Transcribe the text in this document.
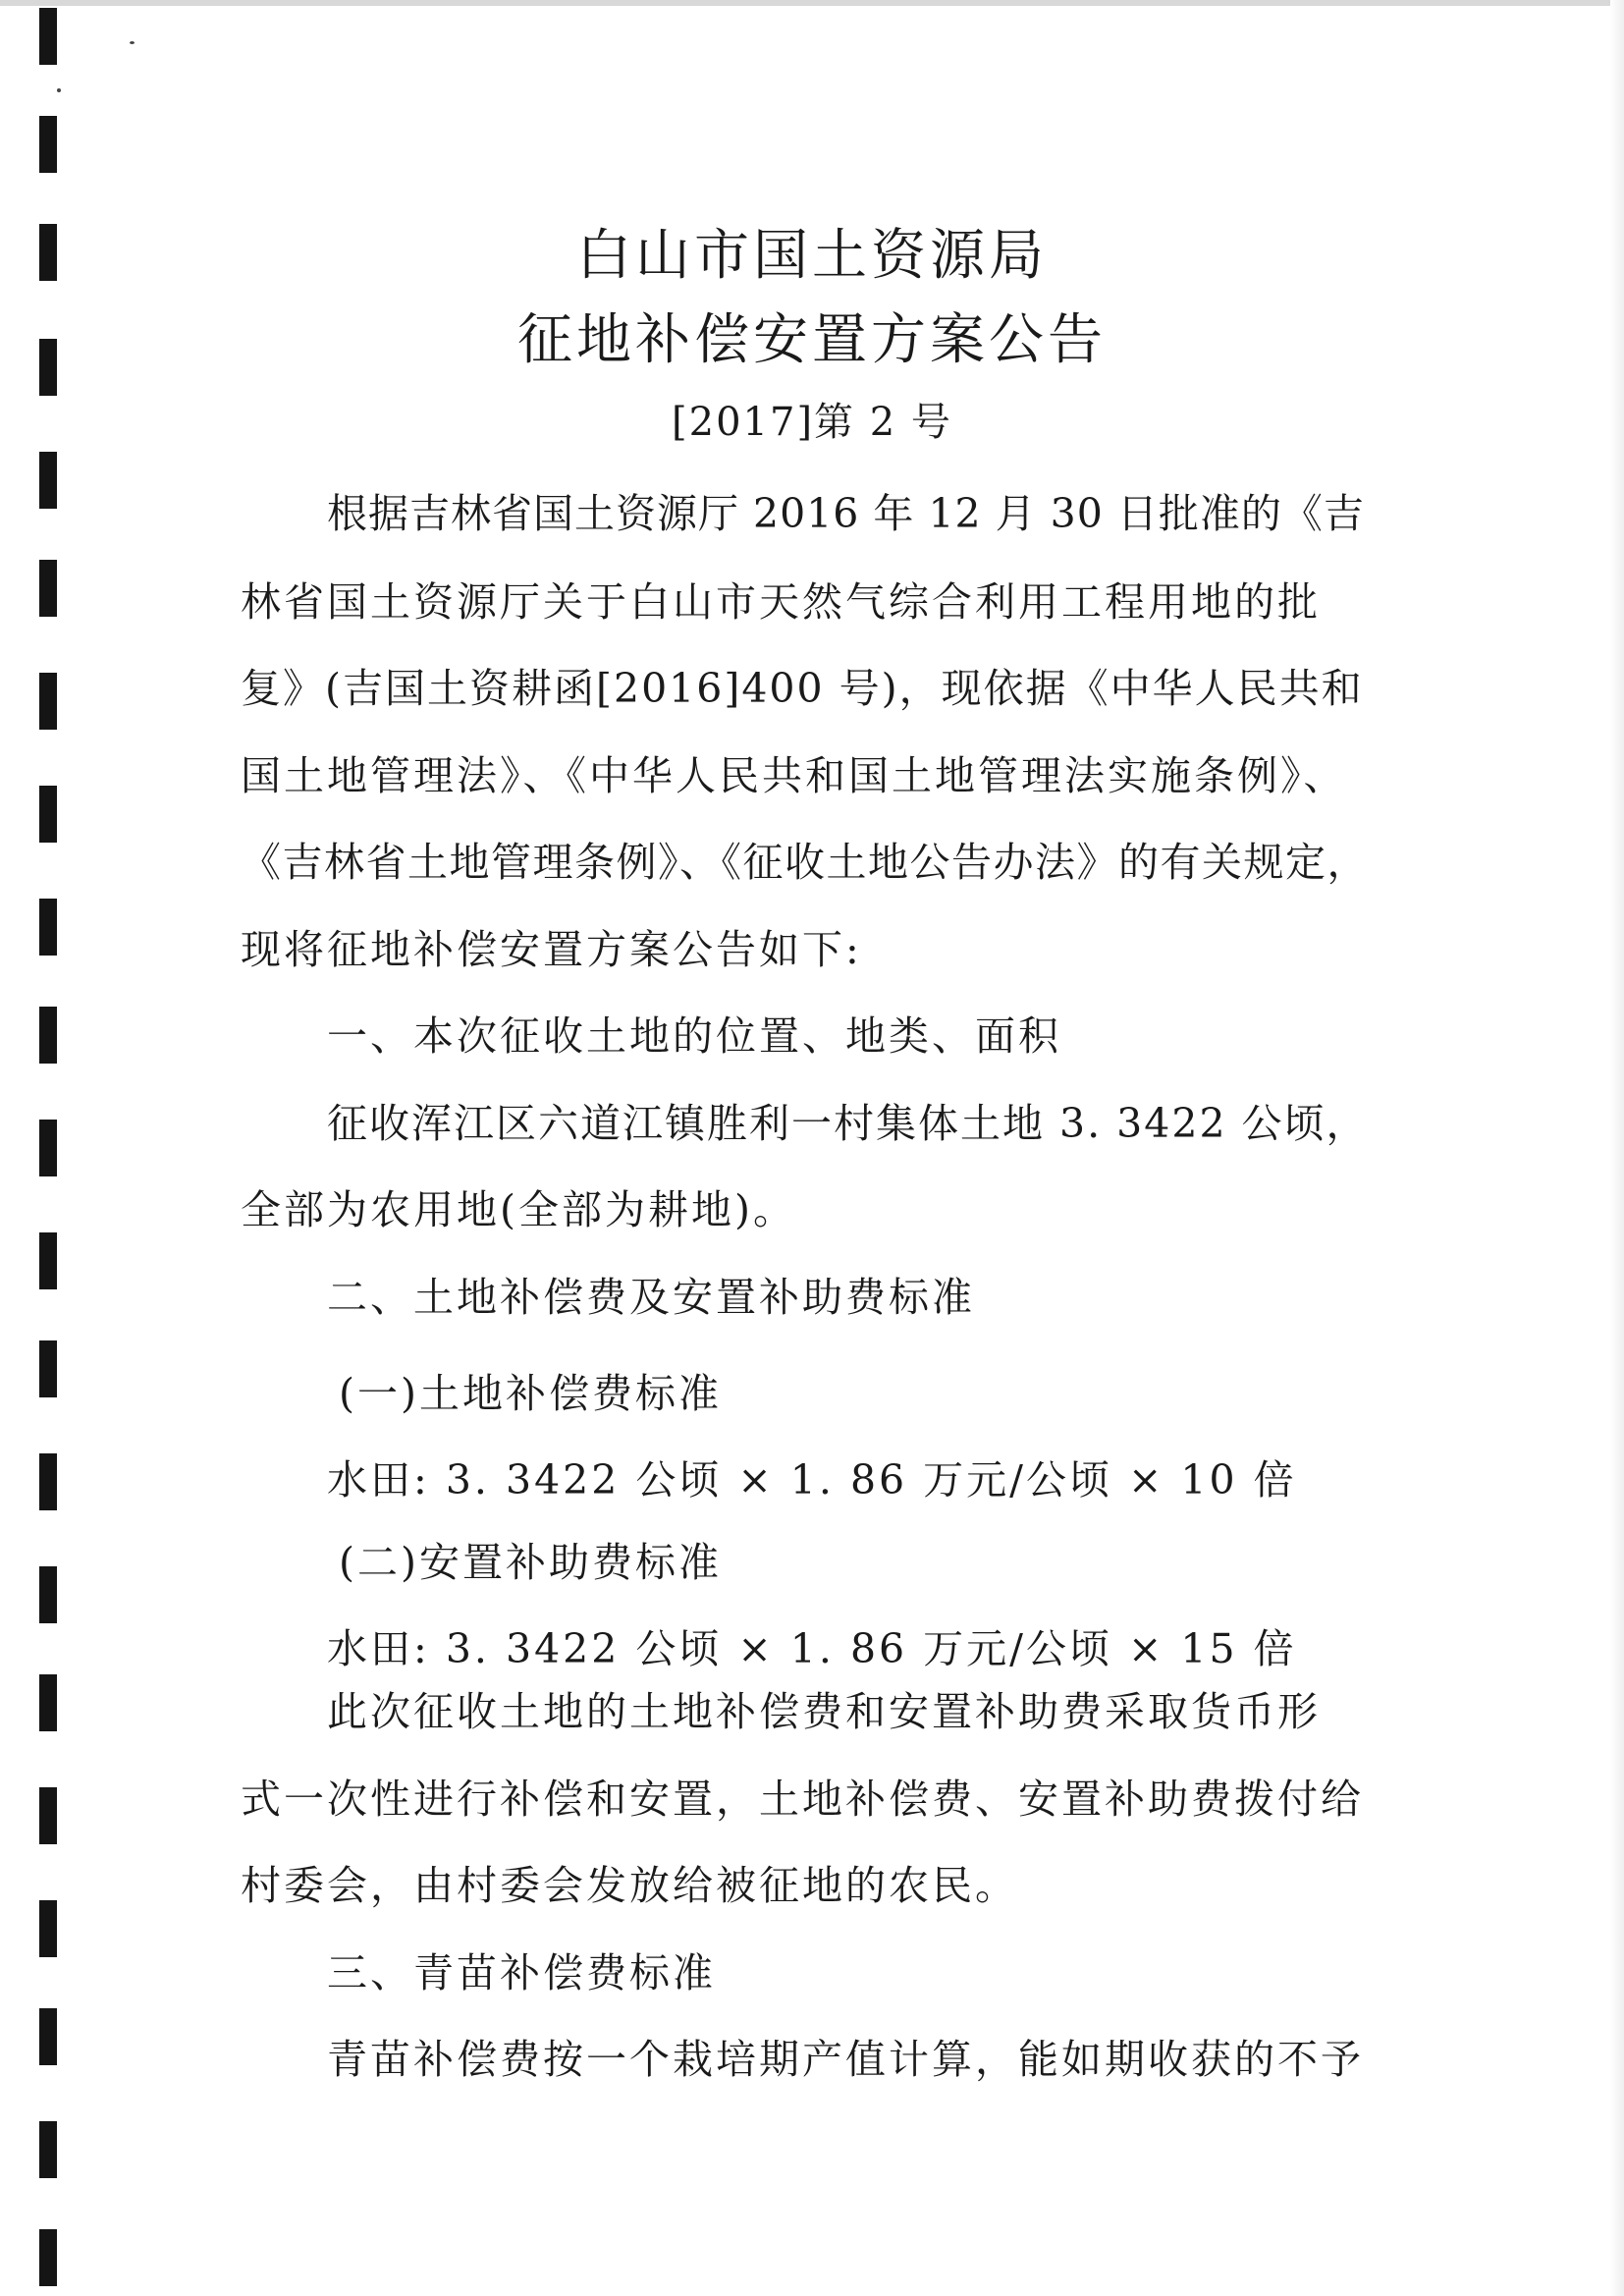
白山市国土资源局
征地补偿安置方案公告
[2017]第 2 号
根据吉林省国土资源厅 2016 年 12 月 30 日批准的《吉
林省国土资源厅关于白山市天然气综合利用工程用地的批
复》(吉国土资耕函[2016]400 号)，现依据《中华人民共和
国土地管理法》、《中华人民共和国土地管理法实施条例》、
《吉林省土地管理条例》、《征收土地公告办法》的有关规定，
现将征地补偿安置方案公告如下:
一、本次征收土地的位置、地类、面积
征收浑江区六道江镇胜利一村集体土地 3. 3422 公顷，
全部为农用地(全部为耕地)。
二、土地补偿费及安置补助费标准
(一)土地补偿费标准
水田: 3. 3422 公顷 × 1. 86 万元/公顷 × 10 倍
(二)安置补助费标准
水田: 3. 3422 公顷 × 1. 86 万元/公顷 × 15 倍
此次征收土地的土地补偿费和安置补助费采取货币形
式一次性进行补偿和安置，土地补偿费、安置补助费拨付给
村委会，由村委会发放给被征地的农民。
三、青苗补偿费标准
青苗补偿费按一个栽培期产值计算，能如期收获的不予
